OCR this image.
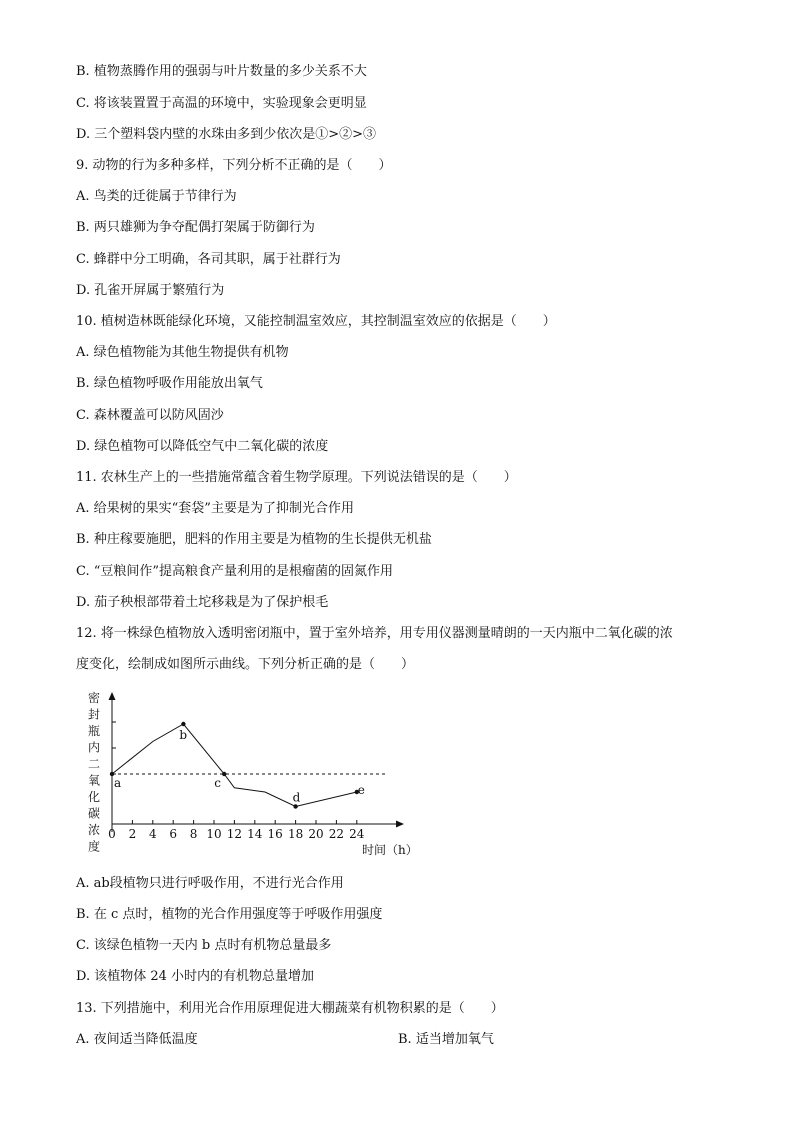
B. 植物蒸腾作用的强弱与叶片数量的多少关系不大
C. 将该装置置于高温的环境中，实验现象会更明显
D. 三个塑料袋内壁的水珠由多到少依次是①>②>③
9. 动物的行为多种多样，下列分析不正确的是（　　）
A. 鸟类的迁徙属于节律行为
B. 两只雄狮为争夺配偶打架属于防御行为
C. 蜂群中分工明确，各司其职，属于社群行为
D. 孔雀开屏属于繁殖行为
10. 植树造林既能绿化环境，又能控制温室效应，其控制温室效应的依据是（　　）
A. 绿色植物能为其他生物提供有机物
B. 绿色植物呼吸作用能放出氧气
C. 森林覆盖可以防风固沙
D. 绿色植物可以降低空气中二氧化碳的浓度
11. 农林生产上的一些措施常蕴含着生物学原理。下列说法错误的是（　　）
A. 给果树的果实“套袋”主要是为了抑制光合作用
B. 种庄稼要施肥，肥料的作用主要是为植物的生长提供无机盐
C. “豆粮间作”提高粮食产量利用的是根瘤菌的固氮作用
D. 茄子秧根部带着土坨移栽是为了保护根毛
12. 将一株绿色植物放入透明密闭瓶中，置于室外培养，用专用仪器测量晴朗的一天内瓶中二氧化碳的浓
度变化，绘制成如图所示曲线。下列分析正确的是（　　）
A. ab段植物只进行呼吸作用，不进行光合作用
B. 在 c 点时，植物的光合作用强度等于呼吸作用强度
C. 该绿色植物一天内 b 点时有机物总量最多
D. 该植物体 24 小时内的有机物总量增加
13. 下列措施中，利用光合作用原理促进大棚蔬菜有机物积累的是（　　）
A. 夜间适当降低温度	B. 适当增加氧气
密
封
瓶
内
二
氧
化
碳
浓
度
0 2 4 6 8 10 12 14 16 18 20 22 24
a
b
c
d
e
时间（h）
